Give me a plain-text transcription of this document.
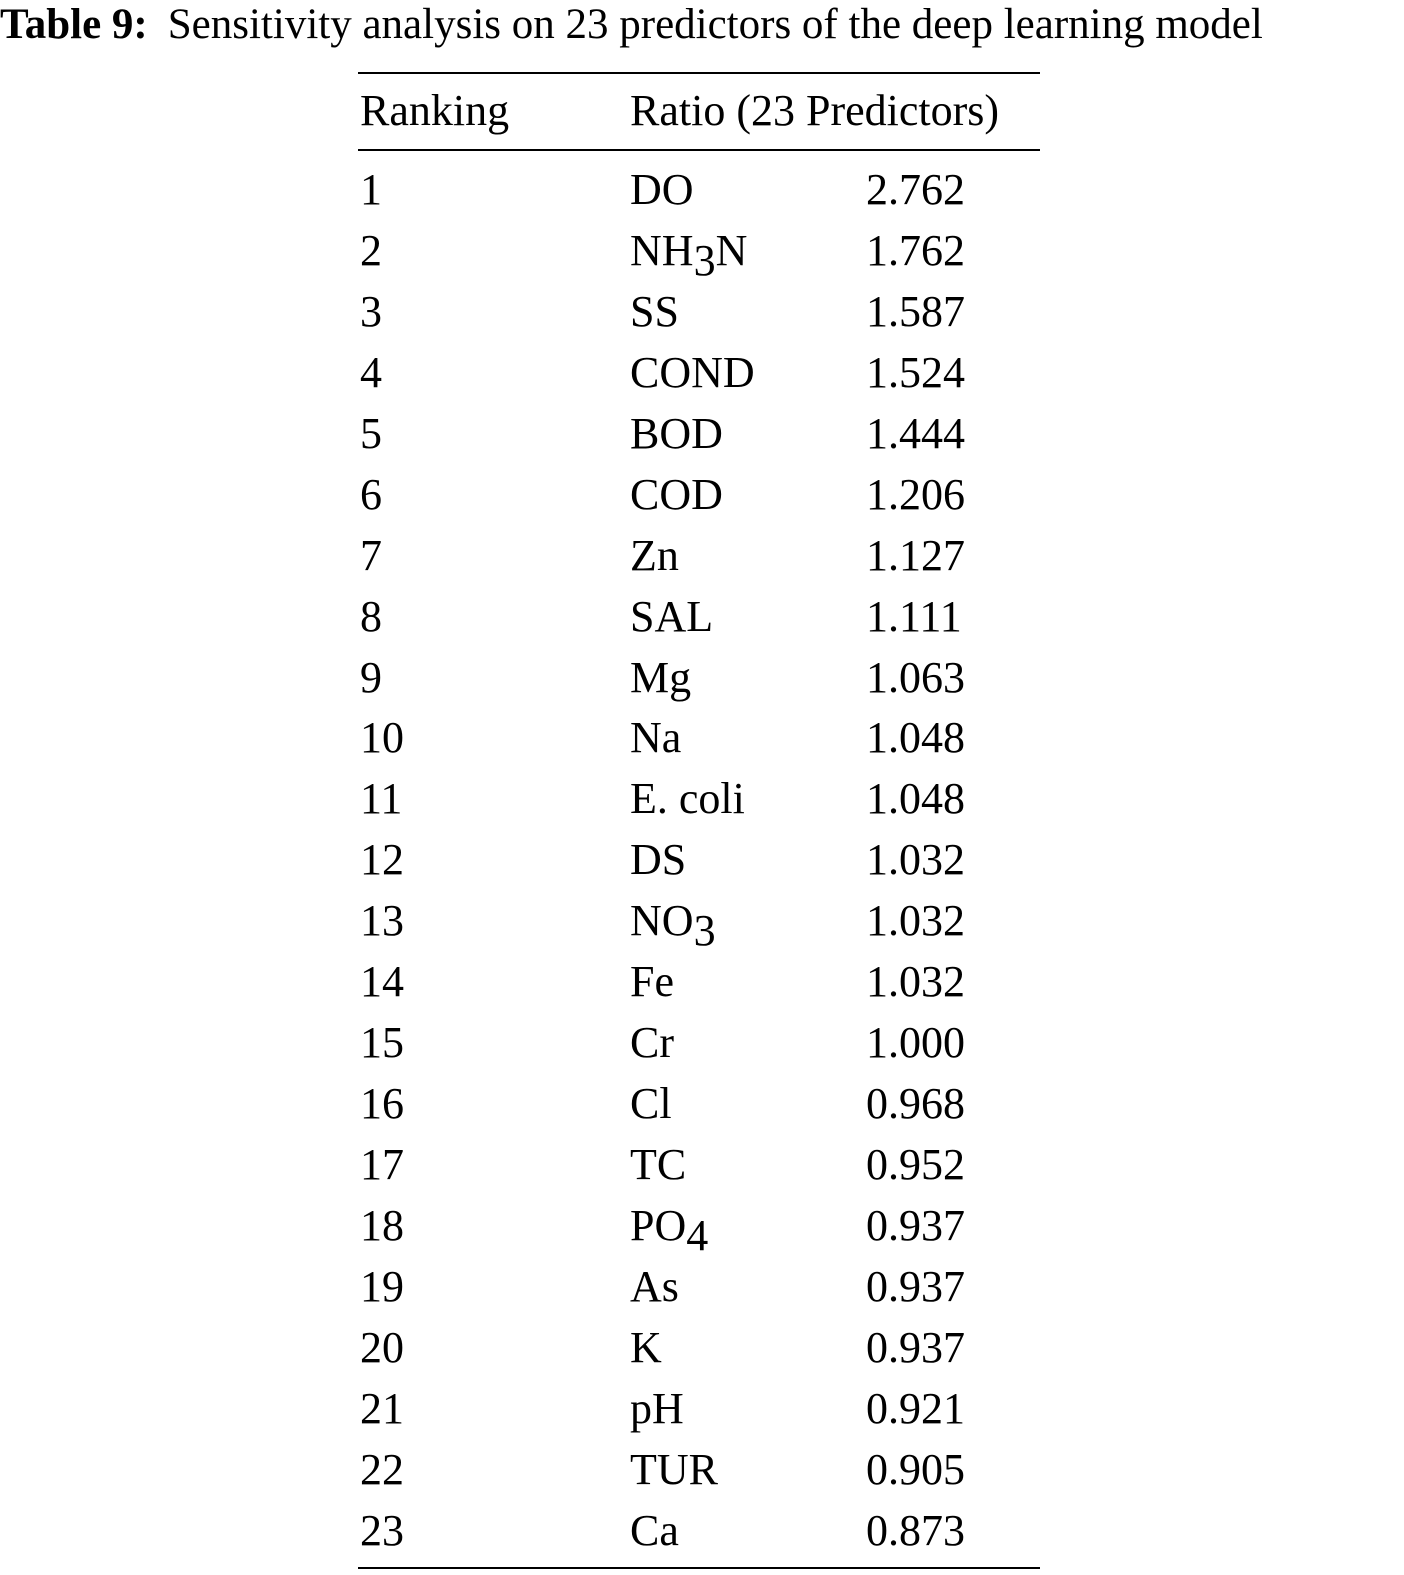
Table 9: Sensitivity analysis on 23 predictors of the deep learning model
Ranking	Ratio (23 Predictors)
1	DO	2.762
2	NH3N	1.762
3	SS	1.587
4	COND	1.524
5	BOD	1.444
6	COD	1.206
7	Zn	1.127
8	SAL	1.111
9	Mg	1.063
10	Na	1.048
11	E. coli	1.048
12	DS	1.032
13	NO3	1.032
14	Fe	1.032
15	Cr	1.000
16	Cl	0.968
17	TC	0.952
18	PO4	0.937
19	As	0.937
20	K	0.937
21	pH	0.921
22	TUR	0.905
23	Ca	0.873
